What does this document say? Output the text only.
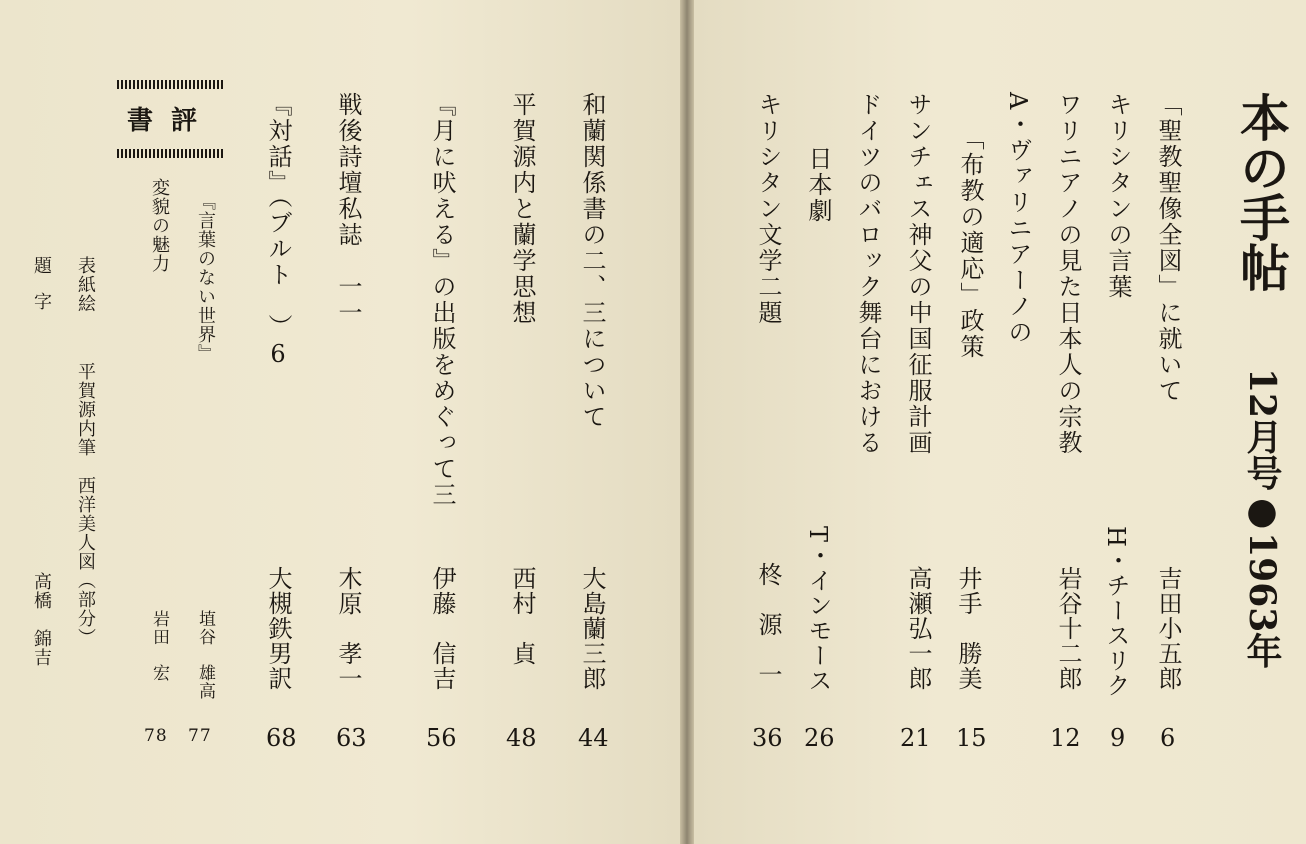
本の手帖
12月号●1963年
「聖教聖像全図」に就いて
吉田小五郎
6
キリシタンの言葉
H・チースリク
9
ワリニアノの見た日本人の宗教
岩谷十二郎
12
A・ヴァリニアーノの
「布教の適応」政策
井手　勝美
15
サンチェス神父の中国征服計画
高瀬弘一郎
21
ドイツのバロック舞台における
日本劇
T・インモース
26
キリシタン文学二題
柊　源　一
36
和蘭関係書の二、三について
大島蘭三郎
44
平賀源内と蘭学思想
西村　貞
48
『月に吠える』の出版をめぐって三
伊藤　信吉
56
戦後詩壇私誌　一一
木原　孝一
63
『対話』（ブルト　）6
大槻鉄男訳
68
書評
『言葉のない世界』
埴谷　雄高
77
変貌の魅力
岩田　宏
78
表紙絵
平賀源内筆　西洋美人図（部分）
題字
高橋　錦吉
